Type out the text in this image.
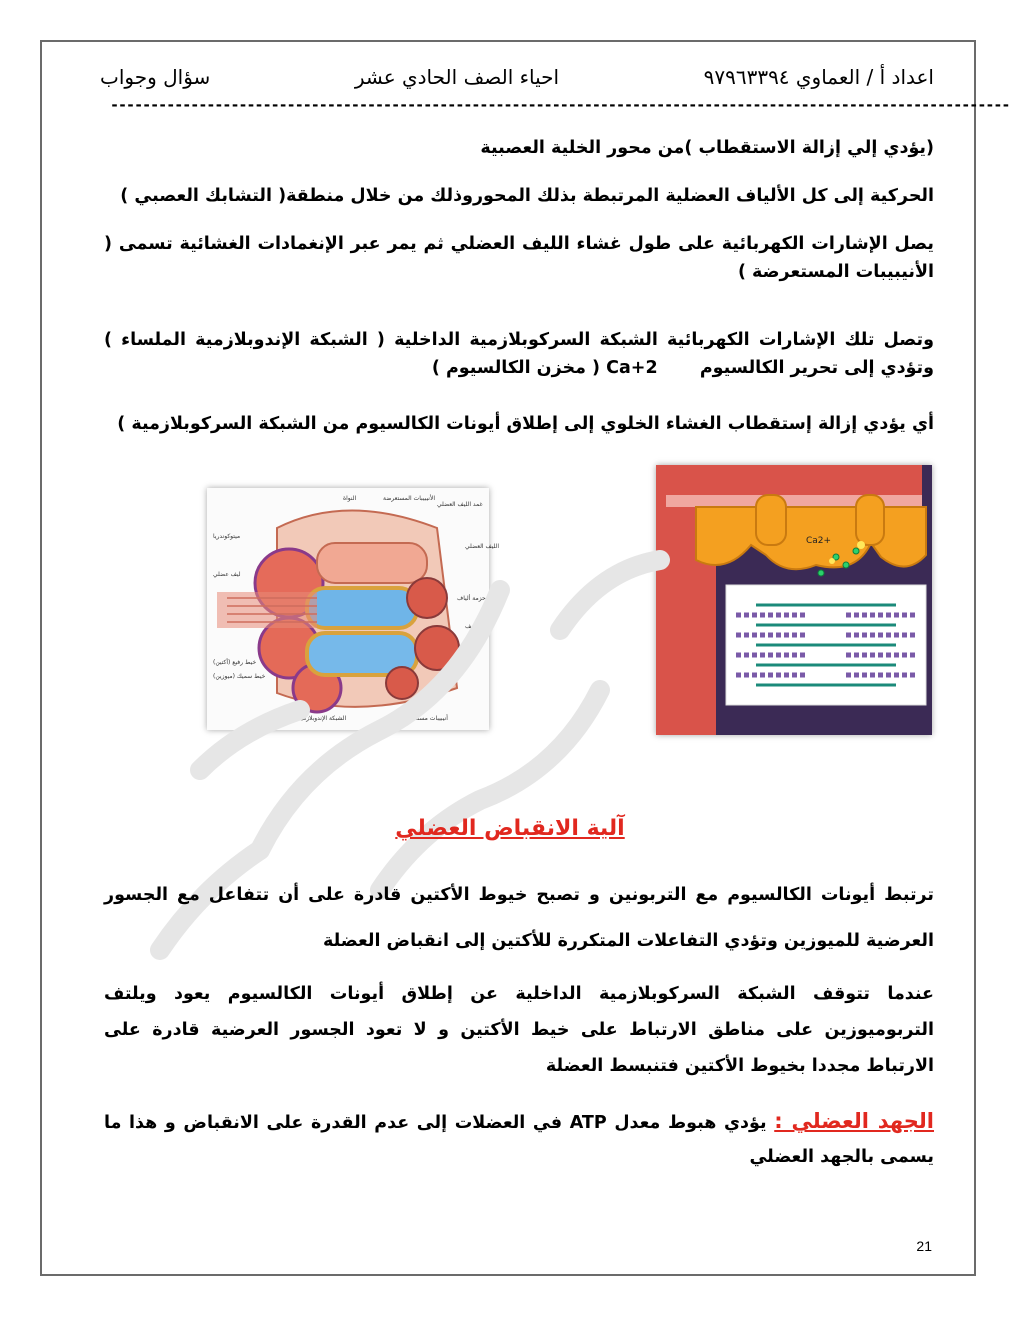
سؤال وجواب	احياء الصف الحادي عشر	اعداد أ / العماوي ٩٧٩٦٣٣٩٤
----------------------------------------------------------------------------------------------------------------
(يؤدي إلي إزالة الاستقطاب )من محور الخلية العصبية
الحركية إلى كل الألياف العضلية المرتبطة بذلك المحوروذلك من خلال منطقة( التشابك العصبي )
يصل الإشارات الكهربائية على طول غشاء الليف العضلي ثم يمر عبر الإنغمادات الغشائية تسمى ( الأنيبيبات المستعرضة )
وتصل تلك الإشارات الكهربائية الشبكة السركوبلازمية الداخلية ( الشبكة الإندوبلازمية الملساء ) وتؤدي إلى تحرير الكالسيوم  Ca+2 ( مخزن الكالسيوم )
أي يؤدي إزالة إستقطاب الغشاء الخلوي إلى إطلاق أيونات الكالسيوم من الشبكة السركوبلازمية )
غمد الليف العضلي
الليف العضلي
النواة	الأنيبيبات المستعرضة
ميتوكوندريا
ليف عضلي
خيط رفيع (أكتين)
خيط سميك (ميوزين)
الشبكة الإندوبلازمية الملساء	أنيبيبات مستعرضة
حزمة ألياف
الليف
Ca2+
آلية الانقباض العضلي
ترتبط أيونات الكالسيوم مع التربونين و تصبح خيوط الأكتين قادرة على أن تتفاعل مع الجسور العرضية للميوزين وتؤدي التفاعلات المتكررة للأكتين إلى انقباض العضلة
عندما تتوقف الشبكة السركوبلازمية الداخلية عن إطلاق أيونات الكالسيوم يعود ويلتف التربوميوزين على مناطق الارتباط على خيط الأكتين و لا تعود الجسور العرضية قادرة على الارتباط مجددا بخيوط الأكتين فتنبسط العضلة
الجهد العضلي : يؤدي هبوط معدل ATP في العضلات إلى عدم القدرة على الانقباض و هذا ما يسمى بالجهد العضلي
21
